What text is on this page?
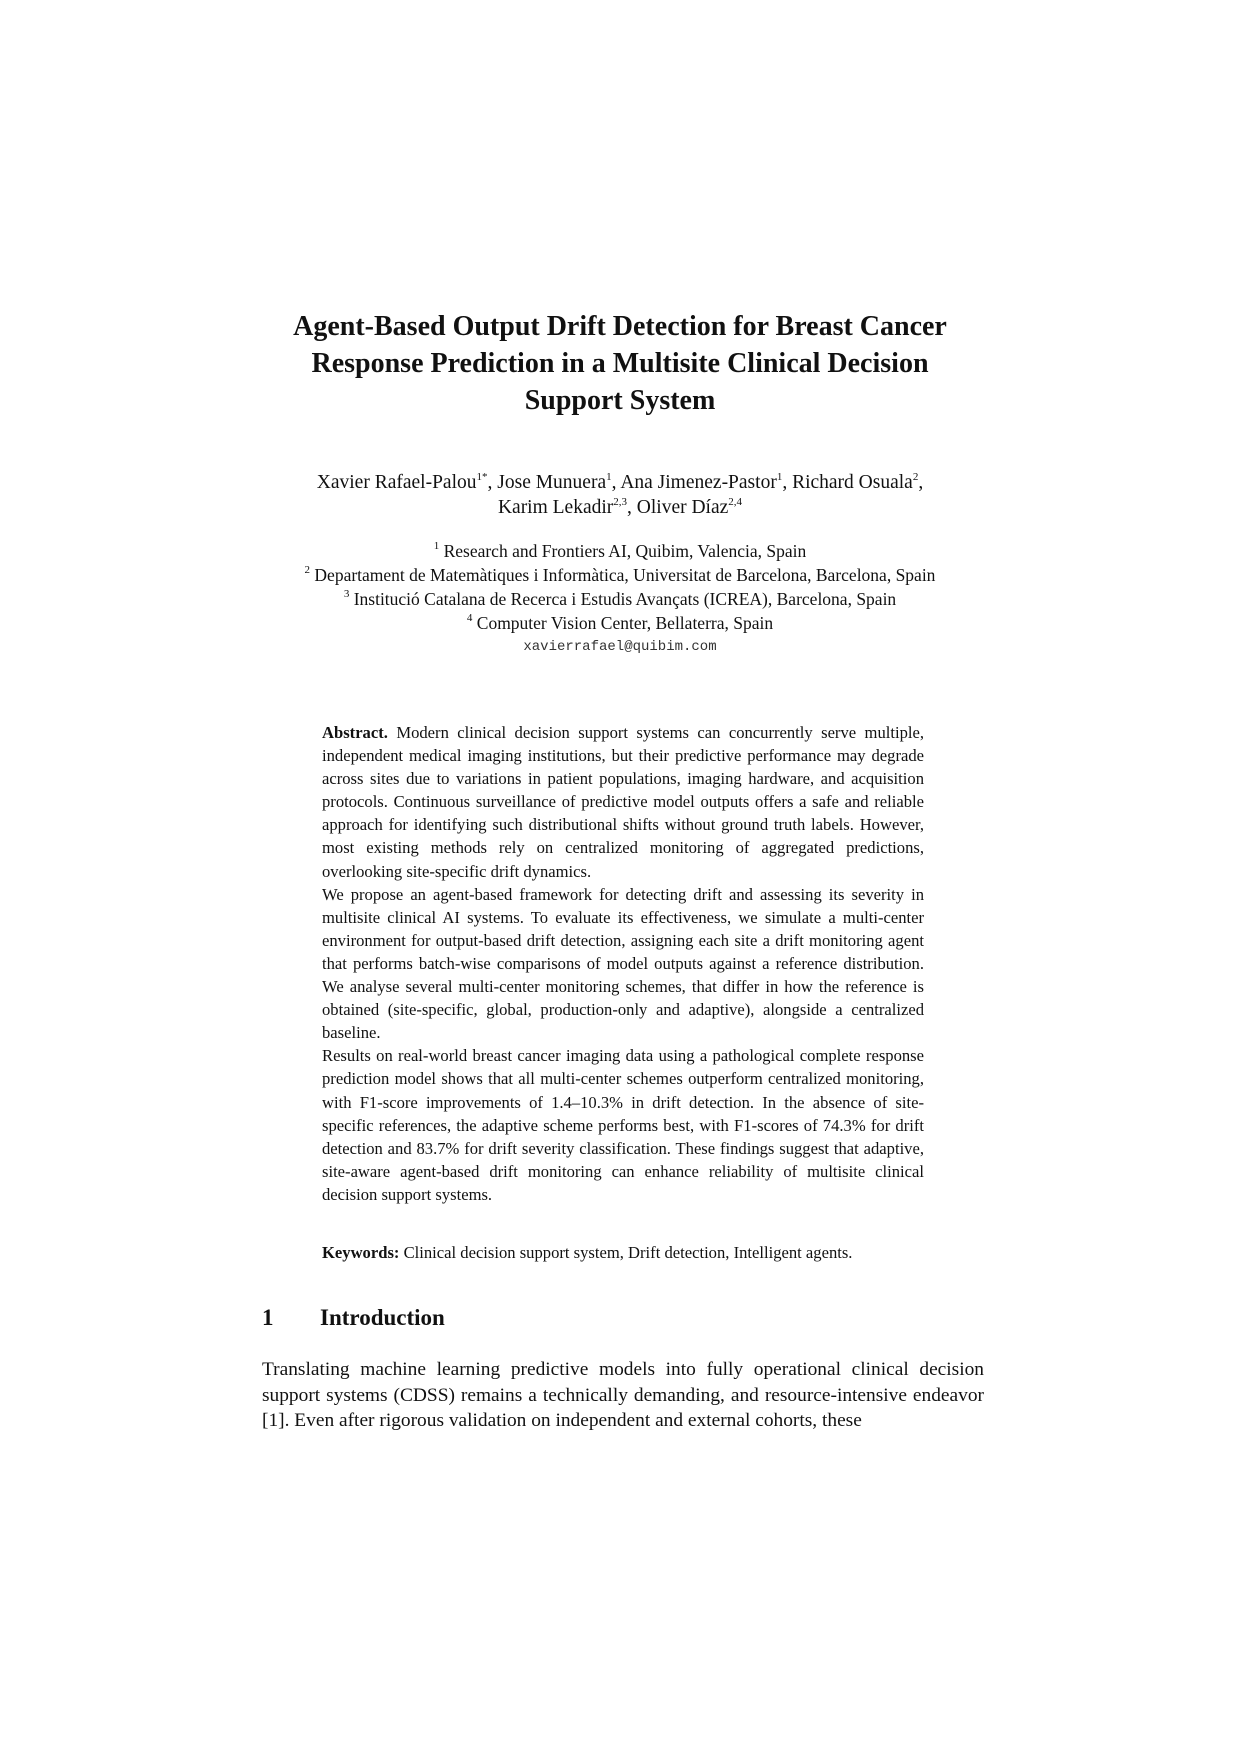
Agent-Based Output Drift Detection for Breast Cancer
Response Prediction in a Multisite Clinical Decision
Support System
Xavier Rafael-Palou$^{1*}$, Jose Munuera$^1$, Ana Jimenez-Pastor$^1$, Richard Osuala$^2$,
Karim Lekadir$^{2,3}$, Oliver Díaz$^{2,4}$
$^1$ Research and Frontiers AI, Quibim, Valencia, Spain
$^2$ Departament de Matemàtiques i Informàtica, Universitat de Barcelona, Barcelona, Spain
$^3$ Institució Catalana de Recerca i Estudis Avançats (ICREA), Barcelona, Spain
$^4$ Computer Vision Center, Bellaterra, Spain
xavierrafael@quibim.com

Abstract. Modern clinical decision support systems can concurrently serve multiple, independent medical imaging institutions, but their predictive performance may degrade across sites due to variations in patient populations, imaging hardware, and acquisition protocols. Continuous surveillance of predictive model outputs offers a safe and reliable approach for identifying such distributional shifts without ground truth labels. However, most existing methods rely on centralized monitoring of aggregated predictions, overlooking site-specific drift dynamics.

We propose an agent-based framework for detecting drift and assessing its severity in multisite clinical AI systems. To evaluate its effectiveness, we simulate a multi-center environment for output-based drift detection, assigning each site a drift monitoring agent that performs batch-wise comparisons of model outputs against a reference distribution. We analyse several multi-center monitoring schemes, that differ in how the reference is obtained (site-specific, global, production-only and adaptive), alongside a centralized baseline.

Results on real-world breast cancer imaging data using a pathological complete response prediction model shows that all multi-center schemes outperform centralized monitoring, with F1-score improvements of 1.4–10.3% in drift detection. In the absence of site-specific references, the adaptive scheme performs best, with F1-scores of 74.3% for drift detection and 83.7% for drift severity classification. These findings suggest that adaptive, site-aware agent-based drift monitoring can enhance reliability of multisite clinical decision support systems.

Keywords: Clinical decision support system, Drift detection, Intelligent agents.
1 Introduction

Translating machine learning predictive models into fully operational clinical decision support systems (CDSS) remains a technically demanding, and resource-intensive endeavor [1]. Even after rigorous validation on independent and external cohorts, these
